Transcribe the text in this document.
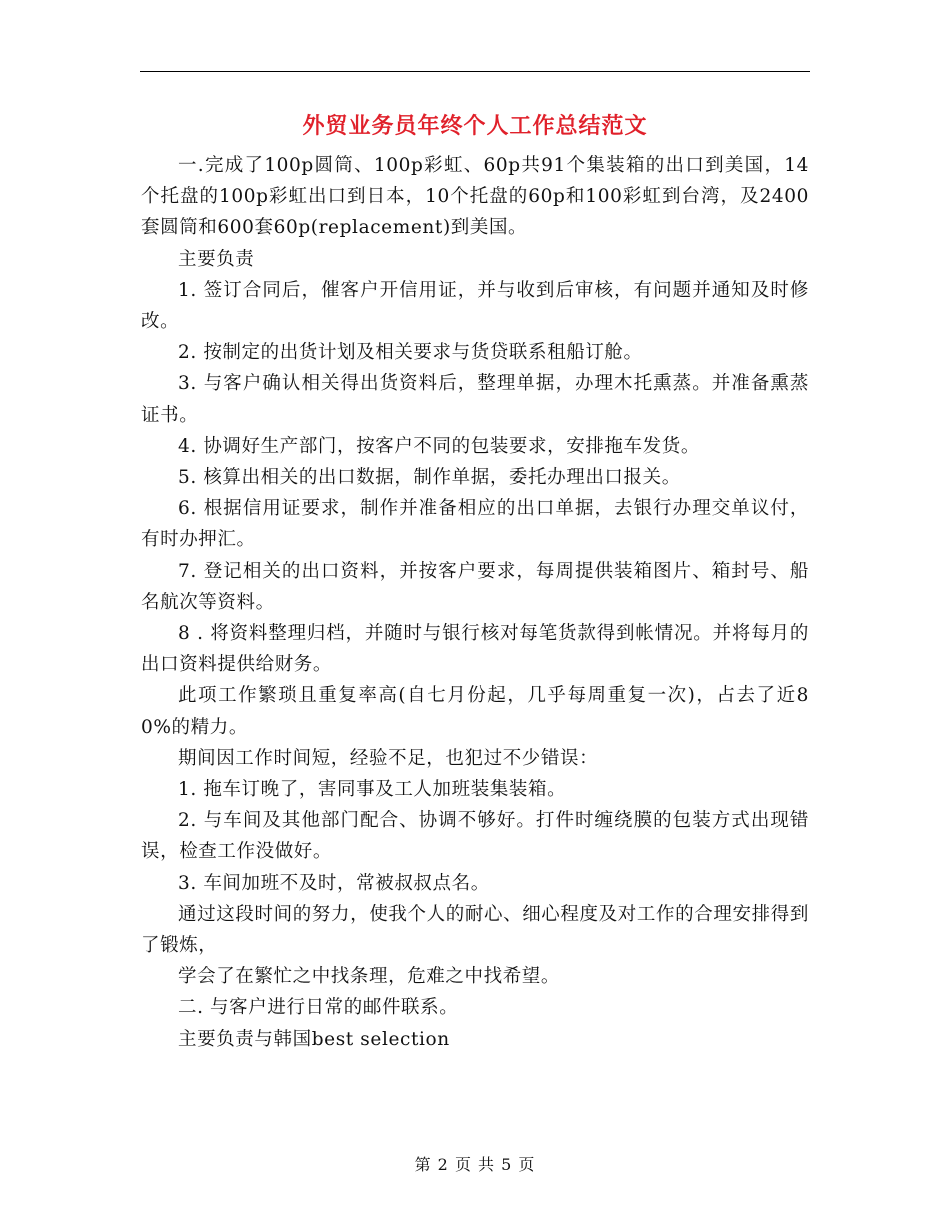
外贸业务员年终个人工作总结范文

一.完成了100p圆筒、100p彩虹、60p共91个集装箱的出口到美国，14个托盘的100p彩虹出口到日本，10个托盘的60p和100彩虹到台湾，及2400套圆筒和600套60p(replacement)到美国。

主要负责

1. 签订合同后，催客户开信用证，并与收到后审核，有问题并通知及时修改。

2. 按制定的出货计划及相关要求与货贷联系租船订舱。

3. 与客户确认相关得出货资料后，整理单据，办理木托熏蒸。并准备熏蒸证书。

4. 协调好生产部门，按客户不同的包装要求，安排拖车发货。

5. 核算出相关的出口数据，制作单据，委托办理出口报关。

6. 根据信用证要求，制作并准备相应的出口单据，去银行办理交单议付，有时办押汇。

7. 登记相关的出口资料，并按客户要求，每周提供装箱图片、箱封号、船名航次等资料。

8 . 将资料整理归档，并随时与银行核对每笔货款得到帐情况。并将每月的出口资料提供给财务。

此项工作繁琐且重复率高(自七月份起，几乎每周重复一次)，占去了近80%的精力。

期间因工作时间短，经验不足，也犯过不少错误：

1. 拖车订晚了，害同事及工人加班装集装箱。

2. 与车间及其他部门配合、协调不够好。打件时缠绕膜的包装方式出现错误，检查工作没做好。

3. 车间加班不及时，常被叔叔点名。

通过这段时间的努力，使我个人的耐心、细心程度及对工作的合理安排得到了锻炼，

学会了在繁忙之中找条理，危难之中找希望。

二. 与客户进行日常的邮件联系。

主要负责与韩国best selection

第 2 页 共 5 页
